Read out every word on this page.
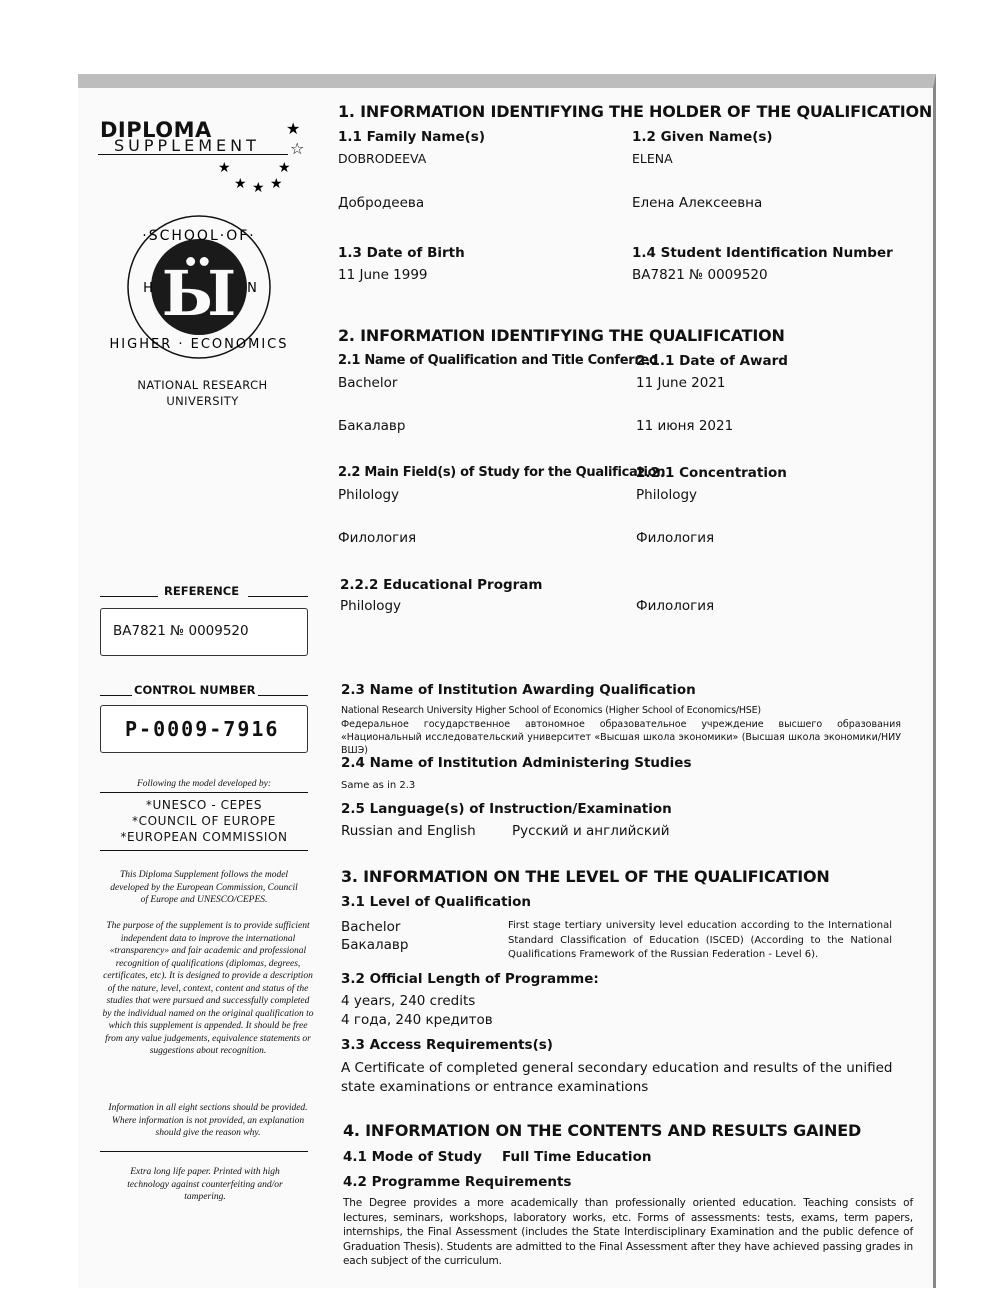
DIPLOMA
SUPPLEMENT
★
☆
★	★
★ ★ ★
Ӹ
·SCHOOL·OF·
H	N
HIGHER · ECONOMICS
NATIONAL RESEARCH
UNIVERSITY
REFERENCE
BA7821 № 0009520
CONTROL NUMBER
P-0009-7916
Following the model developed by:
*UNESCO - CEPES
*COUNCIL OF EUROPE
*EUROPEAN COMMISSION
This Diploma Supplement follows the model developed by the European Commission, Council of Europe and UNESCO/CEPES.
The purpose of the supplement is to provide sufficient independent data to improve the international «transparency» and fair academic and professional recognition of qualifications (diplomas, degrees, certificates, etc). It is designed to provide a description of the nature, level, context, content and status of the studies that were pursued and successfully completed by the individual named on the original qualification to which this supplement is appended. It should be free from any value judgements, equivalence statements or suggestions about recognition.
Information in all eight sections should be provided. Where information is not provided, an explanation should give the reason why.
Extra long life paper. Printed with high technology against counterfeiting and/or tampering.
1. INFORMATION IDENTIFYING THE HOLDER OF THE QUALIFICATION
1.1 Family Name(s)
DOBRODEEVA
Добродеева
1.2 Given Name(s)
ELENA
Елена Алексеевна
1.3 Date of Birth
11 June 1999
1.4 Student Identification Number
BA7821 № 0009520
2. INFORMATION IDENTIFYING THE QUALIFICATION
2.1 Name of Qualification and Title Conferred
Bachelor
Бакалавр
2.1.1 Date of Award
11 June 2021
11 июня 2021
2.2 Main Field(s) of Study for the Qualification
Philology
Филология
2.2.1 Concentration
Philology
Филология
2.2.2 Educational Program
Philology	Филология
2.3 Name of Institution Awarding Qualification
National Research University Higher School of Economics (Higher School of Economics/HSE)
Федеральное государственное автономное образовательное учреждение высшего образования «Национальный исследовательский университет «Высшая школа экономики» (Высшая школа экономики/НИУ ВШЭ)
2.4 Name of Institution Administering Studies
Same as in 2.3
2.5 Language(s) of Instruction/Examination
Russian and English	Русский и английский
3. INFORMATION ON THE LEVEL OF THE QUALIFICATION
3.1 Level of Qualification
Bachelor
Бакалавр
First stage tertiary university level education according to the International Standard Classification of Education (ISCED) (According to the National Qualifications Framework of the Russian Federation - Level 6).
3.2 Official Length of Programme:
4 years, 240 credits
4 года, 240 кредитов
3.3 Access Requirements(s)
A Certificate of completed general secondary education and results of the unified state examinations or entrance examinations
4. INFORMATION ON THE CONTENTS AND RESULTS GAINED
4.1 Mode of Study Full Time Education
4.2 Programme Requirements
The Degree provides a more academically than professionally oriented education. Teaching consists of lectures, seminars, workshops, laboratory works, etc. Forms of assessments: tests, exams, term papers, internships, the Final Assessment (includes the State Interdisciplinary Examination and the public defence of Graduation Thesis). Students are admitted to the Final Assessment after they have achieved passing grades in each subject of the curriculum.
